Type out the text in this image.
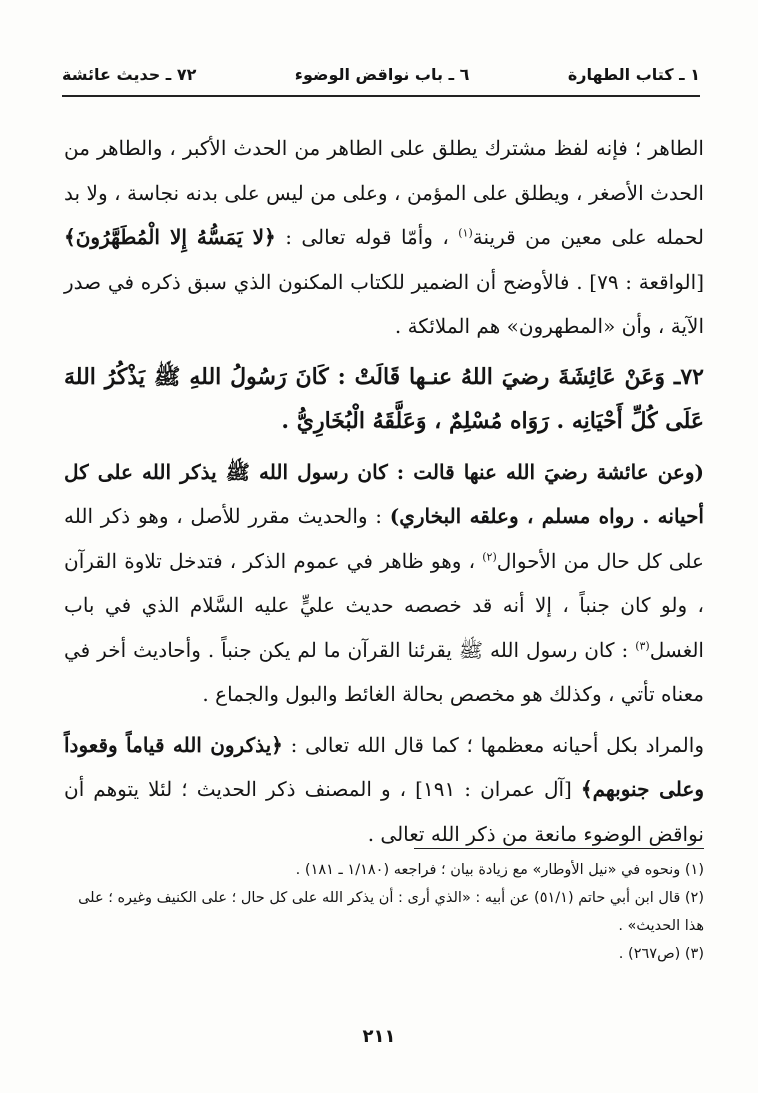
١ ـ كتاب الطهارة
٦ ـ باب نواقض الوضوء
٧٢ ـ حديث عائشة

الطاهر ؛ فإنه لفظ مشترك يطلق على الطاهر من الحدث الأكبر ، والطاهر من الحدث الأصغر ، ويطلق على المؤمن ، وعلى من ليس على بدنه نجاسة ، ولا بد لحمله على معين من قرينة$^{(١)}$ ، وأمّا قوله تعالى : ﴿لا يَمَسُّهُ إِلا الْمُطَهَّرُونَ﴾ [الواقعة : ٧٩] . فالأوضح أن الضمير للكتاب المكنون الذي سبق ذكره في صدر الآية ، وأن «المطهرون» هم الملائكة .

٧٢ـ وَعَنْ عَائِشَةَ رضيَ اللهُ عنـها قَالَتْ : كَانَ رَسُولُ اللهِ ﷺ يَذْكُرُ اللهَ عَلَى كُلِّ أَحْيَانِه . رَوَاه مُسْلِمٌ ، وَعَلَّقَهُ الْبُخَارِيُّ .

(وعن عائشة رضيَ الله عنها قالت : كان رسول الله ﷺ يذكر الله على كل أحيانه . رواه مسلم ، وعلقه البخاري) : والحديث مقرر للأصل ، وهو ذكر الله على كل حال من الأحوال$^{(٢)}$ ، وهو ظاهر في عموم الذكر ، فتدخل تلاوة القرآن ، ولو كان جنباً ، إلا أنه قد خصصه حديث عليٍّ عليه السَّلام الذي في باب الغسل$^{(٣)}$ : كان رسول الله ﷺ يقرئنا القرآن ما لم يكن جنباً . وأحاديث أخر في معناه تأتي ، وكذلك هو مخصص بحالة الغائط والبول والجماع .

والمراد بكل أحيانه معظمها ؛ كما قال الله تعالى : ﴿يذكرون الله قياماً وقعوداً وعلى جنوبهم﴾ [آل عمران : ١٩١] ، و المصنف ذكر الحديث ؛ لئلا يتوهم أن نواقض الوضوء مانعة من ذكر الله تعالى .

(١) ونحوه في «نيل الأوطار» مع زيادة بيان ؛ فراجعه (١/١٨٠ ـ ١٨١) .

(٢) قال ابن أبي حاتم (٥١/١) عن أبيه : «الذي أرى : أن يذكر الله على كل حال ؛ على الكنيف وغيره ؛ على هذا الحديث» .

(٣) (ص٢٦٧) .

٢١١
